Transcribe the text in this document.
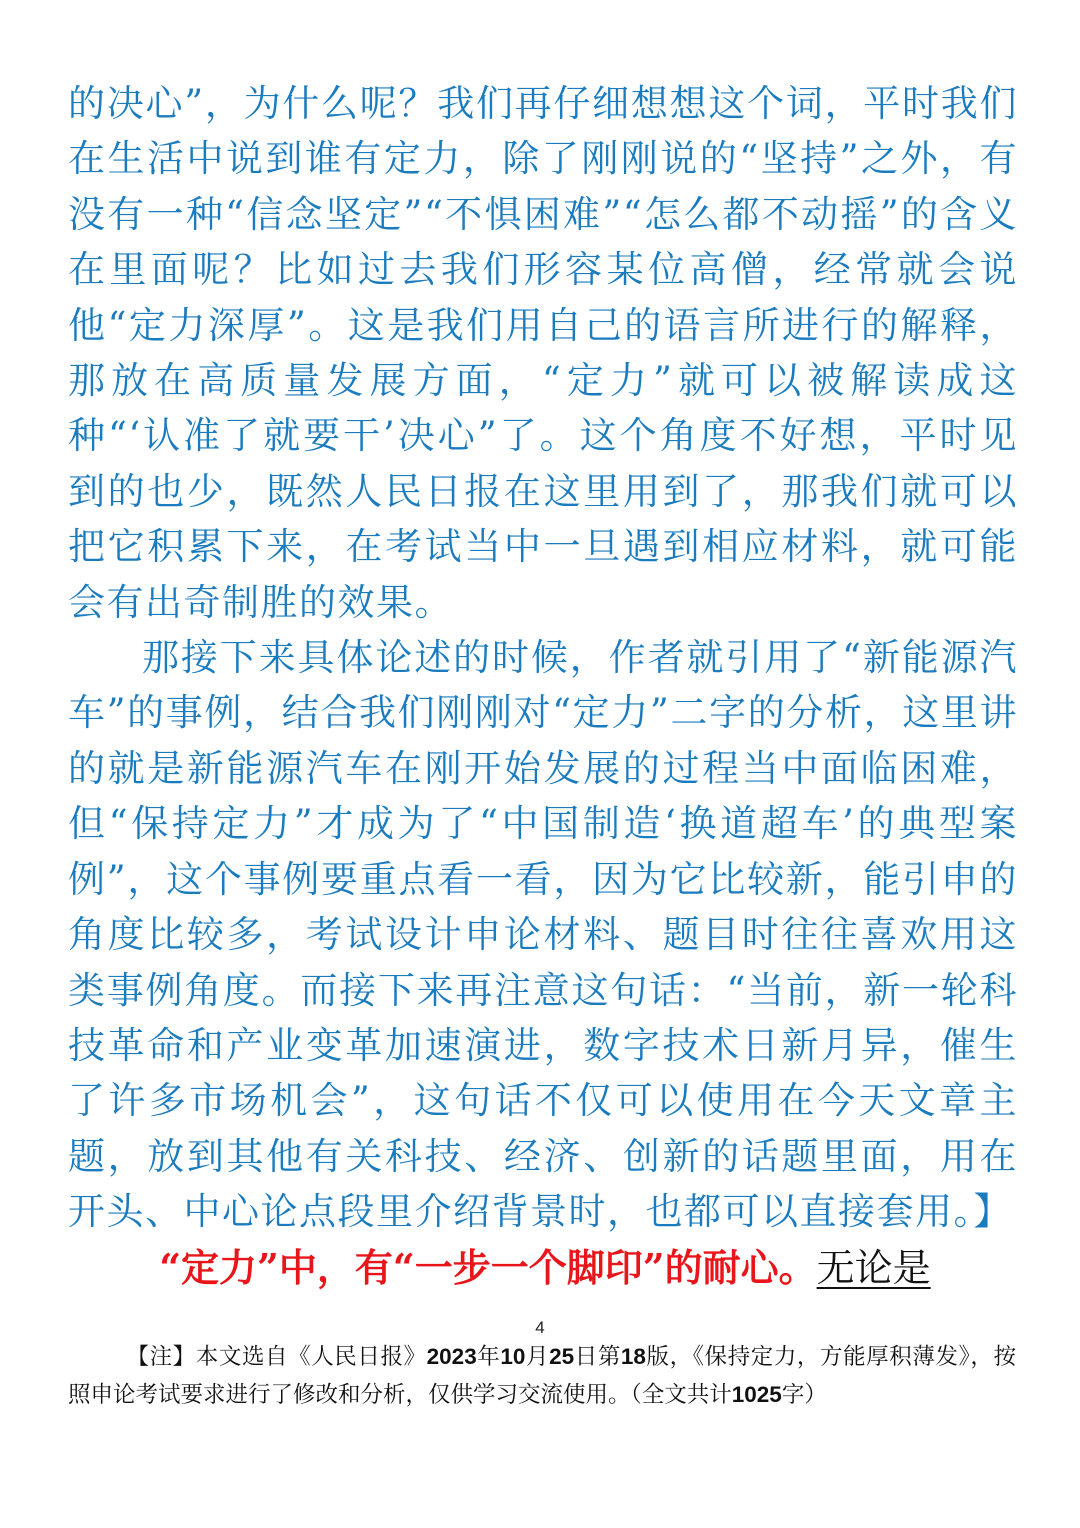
的决心”，为什么呢？我们再仔细想想这个词，平时我们在生活中说到谁有定力，除了刚刚说的“坚持”之外，有没有一种“信念坚定”“不惧困难”“怎么都不动摇”的含义在里面呢？比如过去我们形容某位高僧，经常就会说他“定力深厚”。这是我们用自己的语言所进行的解释，那放在高质量发展方面，“定力”就可以被解读成这种“‘认准了就要干’决心”了。这个角度不好想，平时见到的也少，既然人民日报在这里用到了，那我们就可以把它积累下来，在考试当中一旦遇到相应材料，就可能会有出奇制胜的效果。

那接下来具体论述的时候，作者就引用了“新能源汽车”的事例，结合我们刚刚对“定力”二字的分析，这里讲的就是新能源汽车在刚开始发展的过程当中面临困难，但“保持定力”才成为了“中国制造‘换道超车’的典型案例”，这个事例要重点看一看，因为它比较新，能引申的角度比较多，考试设计申论材料、题目时往往喜欢用这类事例角度。而接下来再注意这句话：“当前，新一轮科技革命和产业变革加速演进，数字技术日新月异，催生了许多市场机会”，这句话不仅可以使用在今天文章主题，放到其他有关科技、经济、创新的话题里面，用在开头、中心论点段里介绍背景时，也都可以直接套用。】

“定力”中，有“一步一个脚印”的耐心。无论是
4
【注】本文选自《人民日报》2023年10月25日第18版，《保持定力，方能厚积薄发》，按照申论考试要求进行了修改和分析，仅供学习交流使用。（全文共计1025字）
